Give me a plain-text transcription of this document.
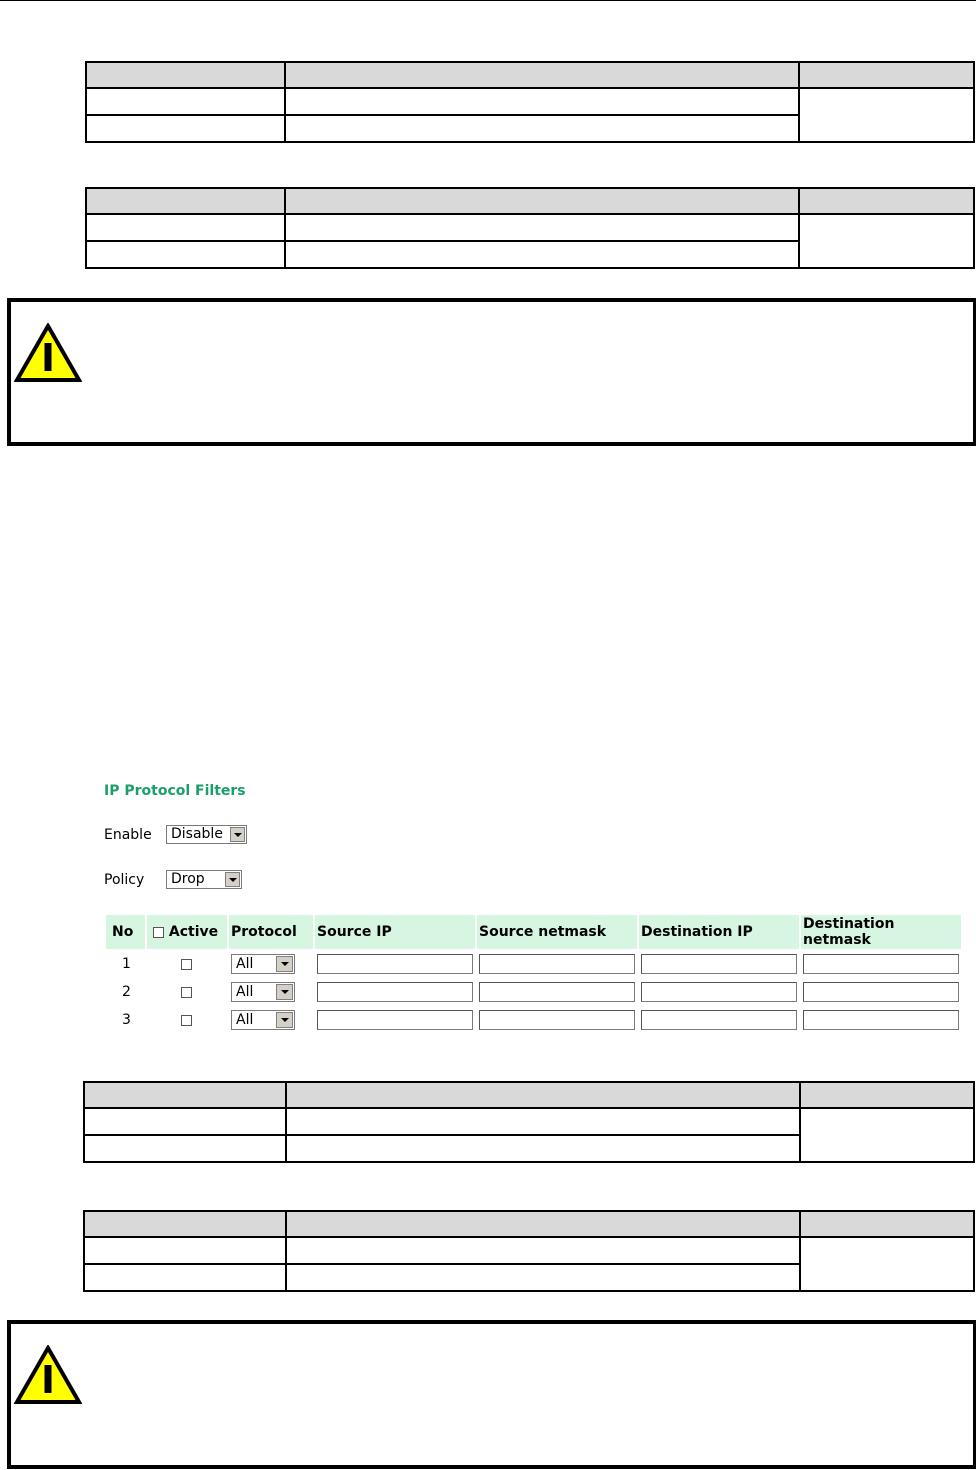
IP Protocol Filters
Enable	Disable
Policy	Drop
No	Active	Protocol	Source IP	Source netmask	Destination IP	Destination netmask
1		All				

2		All				

3		All				
